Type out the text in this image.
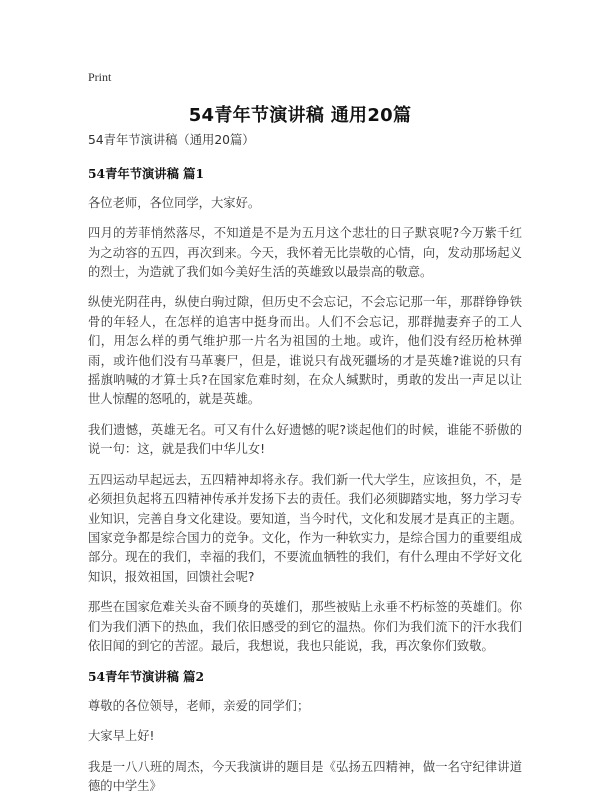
Print
54青年节演讲稿 通用20篇

54青年节演讲稿（通用20篇）

54青年节演讲稿 篇1

各位老师，各位同学，大家好。

四月的芳菲悄然落尽，不知道是不是为五月这个悲壮的日子默哀呢?今万紫千红为之动容的五四，再次到来。今天，我怀着无比崇敬的心情，向，发动那场起义的烈士，为造就了我们如今美好生活的英雄致以最崇高的敬意。

纵使光阴荏冉，纵使白驹过隙，但历史不会忘记，不会忘记那一年，那群铮铮铁骨的年轻人，在怎样的追害中挺身而出。人们不会忘记，那群抛妻弃子的工人们，用怎么样的勇气维护那一片名为祖国的土地。或许，他们没有经历枪林弹雨，或许他们没有马革裹尸，但是，谁说只有战死疆场的才是英雄?谁说的只有摇旗呐喊的才算士兵?在国家危难时刻，在众人缄默时，勇敢的发出一声足以让世人惊醒的怒吼的，就是英雄。

我们遗憾，英雄无名。可又有什么好遗憾的呢?谈起他们的时候，谁能不骄傲的说一句：这，就是我们中华儿女!

五四运动早起远去，五四精神却将永存。我们新一代大学生，应该担负，不，是必须担负起将五四精神传承并发扬下去的责任。我们必须脚踏实地，努力学习专业知识，完善自身文化建设。要知道，当今时代，文化和发展才是真正的主题。国家竞争都是综合国力的竞争。文化，作为一种软实力，是综合国力的重要组成部分。现在的我们，幸福的我们，不要流血牺牲的我们，有什么理由不学好文化知识，报效祖国，回馈社会呢?

那些在国家危难关头奋不顾身的英雄们，那些被贴上永垂不朽标签的英雄们。你们为我们洒下的热血，我们依旧感受的到它的温热。你们为我们流下的汗水我们依旧闻的到它的苦涩。最后，我想说，我也只能说，我，再次象你们致敬。

54青年节演讲稿 篇2

尊敬的各位领导，老师，亲爱的同学们；

大家早上好!

我是一八八班的周杰，今天我演讲的题目是《弘扬五四精神，做一名守纪律讲道德的中学生》
